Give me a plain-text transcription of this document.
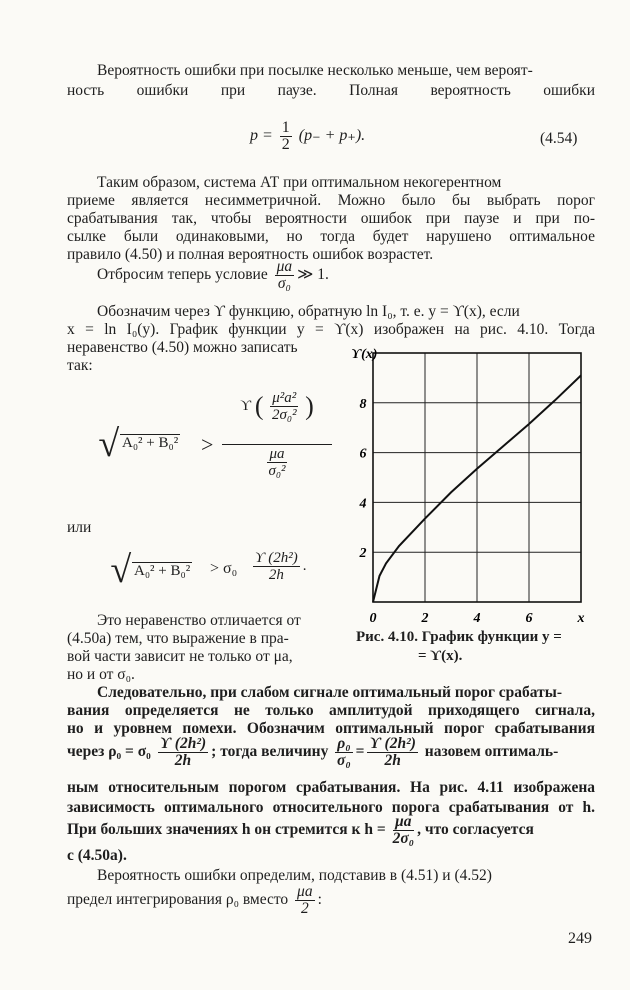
Вероятность ошибки при посылке несколько меньше, чем вероят-
ность ошибки при паузе. Полная вероятность ошибки
$p = \frac{1}{2} (p_- + p_+)$.	(4.54)
Таким образом, система АТ при оптимальном некогерентном
приеме является несимметричной. Можно было бы выбрать порог
срабатывания так, чтобы вероятности ошибок при паузе и при по-
сылке были одинаковыми, но тогда будет нарушено оптимальное
правило (4.50) и полная вероятность ошибок возрастет.
Отбросим теперь условие $\frac{\mu a}{\text{σ₀}}$ ≫ 1.
Обозначим через ϒ функцию, обратную ln I₀, т. е. y = ϒ(x), если
x = ln I₀(y). График функции y = ϒ(x) изображен на рис. 4.10. Тогда
неравенство (4.50) можно записать
так:
√ A₀² + B₀² >
ϒ ( $\frac{\text{μ²a²}}{\text{2σ₀²}}$ )
$\frac{\mu a}{\text{σ₀²}}$
или
√ $A_0^2 + B_0^2 > \sigma_0 \frac{\text{ϒ (2h²)}}{2h}$ .
Это неравенство отличается от
(4.50а) тем, что выражение в пра-
вой части зависит не только от μa,
но и от σ₀.
0	2	4	6	x
2
4
6
8
ϒ(x)
Рис. 4.10. График функции y =
= ϒ(x).
Следовательно, при слабом сигнале оптимальный порог срабаты-
вания определяется не только амплитудой приходящего сигнала,
но и уровнем помехи. Обозначим оптимальный порог срабатывания
через $\rho_0 = \sigma_0 \frac{\text{ϒ (2h²)}}{2h}$ ; тогда величину $\frac{\text{ρ₀}}{\text{σ₀}} = \frac{\text{ϒ (2h²)}}{2h}$ назовем оптималь-
ным относительным порогом срабатывания. На рис. 4.11 изображена
зависимость оптимального относительного порога срабатывания от h.
При больших значениях h он стремится к $h = \frac{\mu a}{\text{2σ₀}}$ , что согласуется
с (4.50а).
Вероятность ошибки определим, подставив в (4.51) и (4.52)
предел интегрирования ρ₀ вместо $\frac{\mu a}{2}$ :
249
